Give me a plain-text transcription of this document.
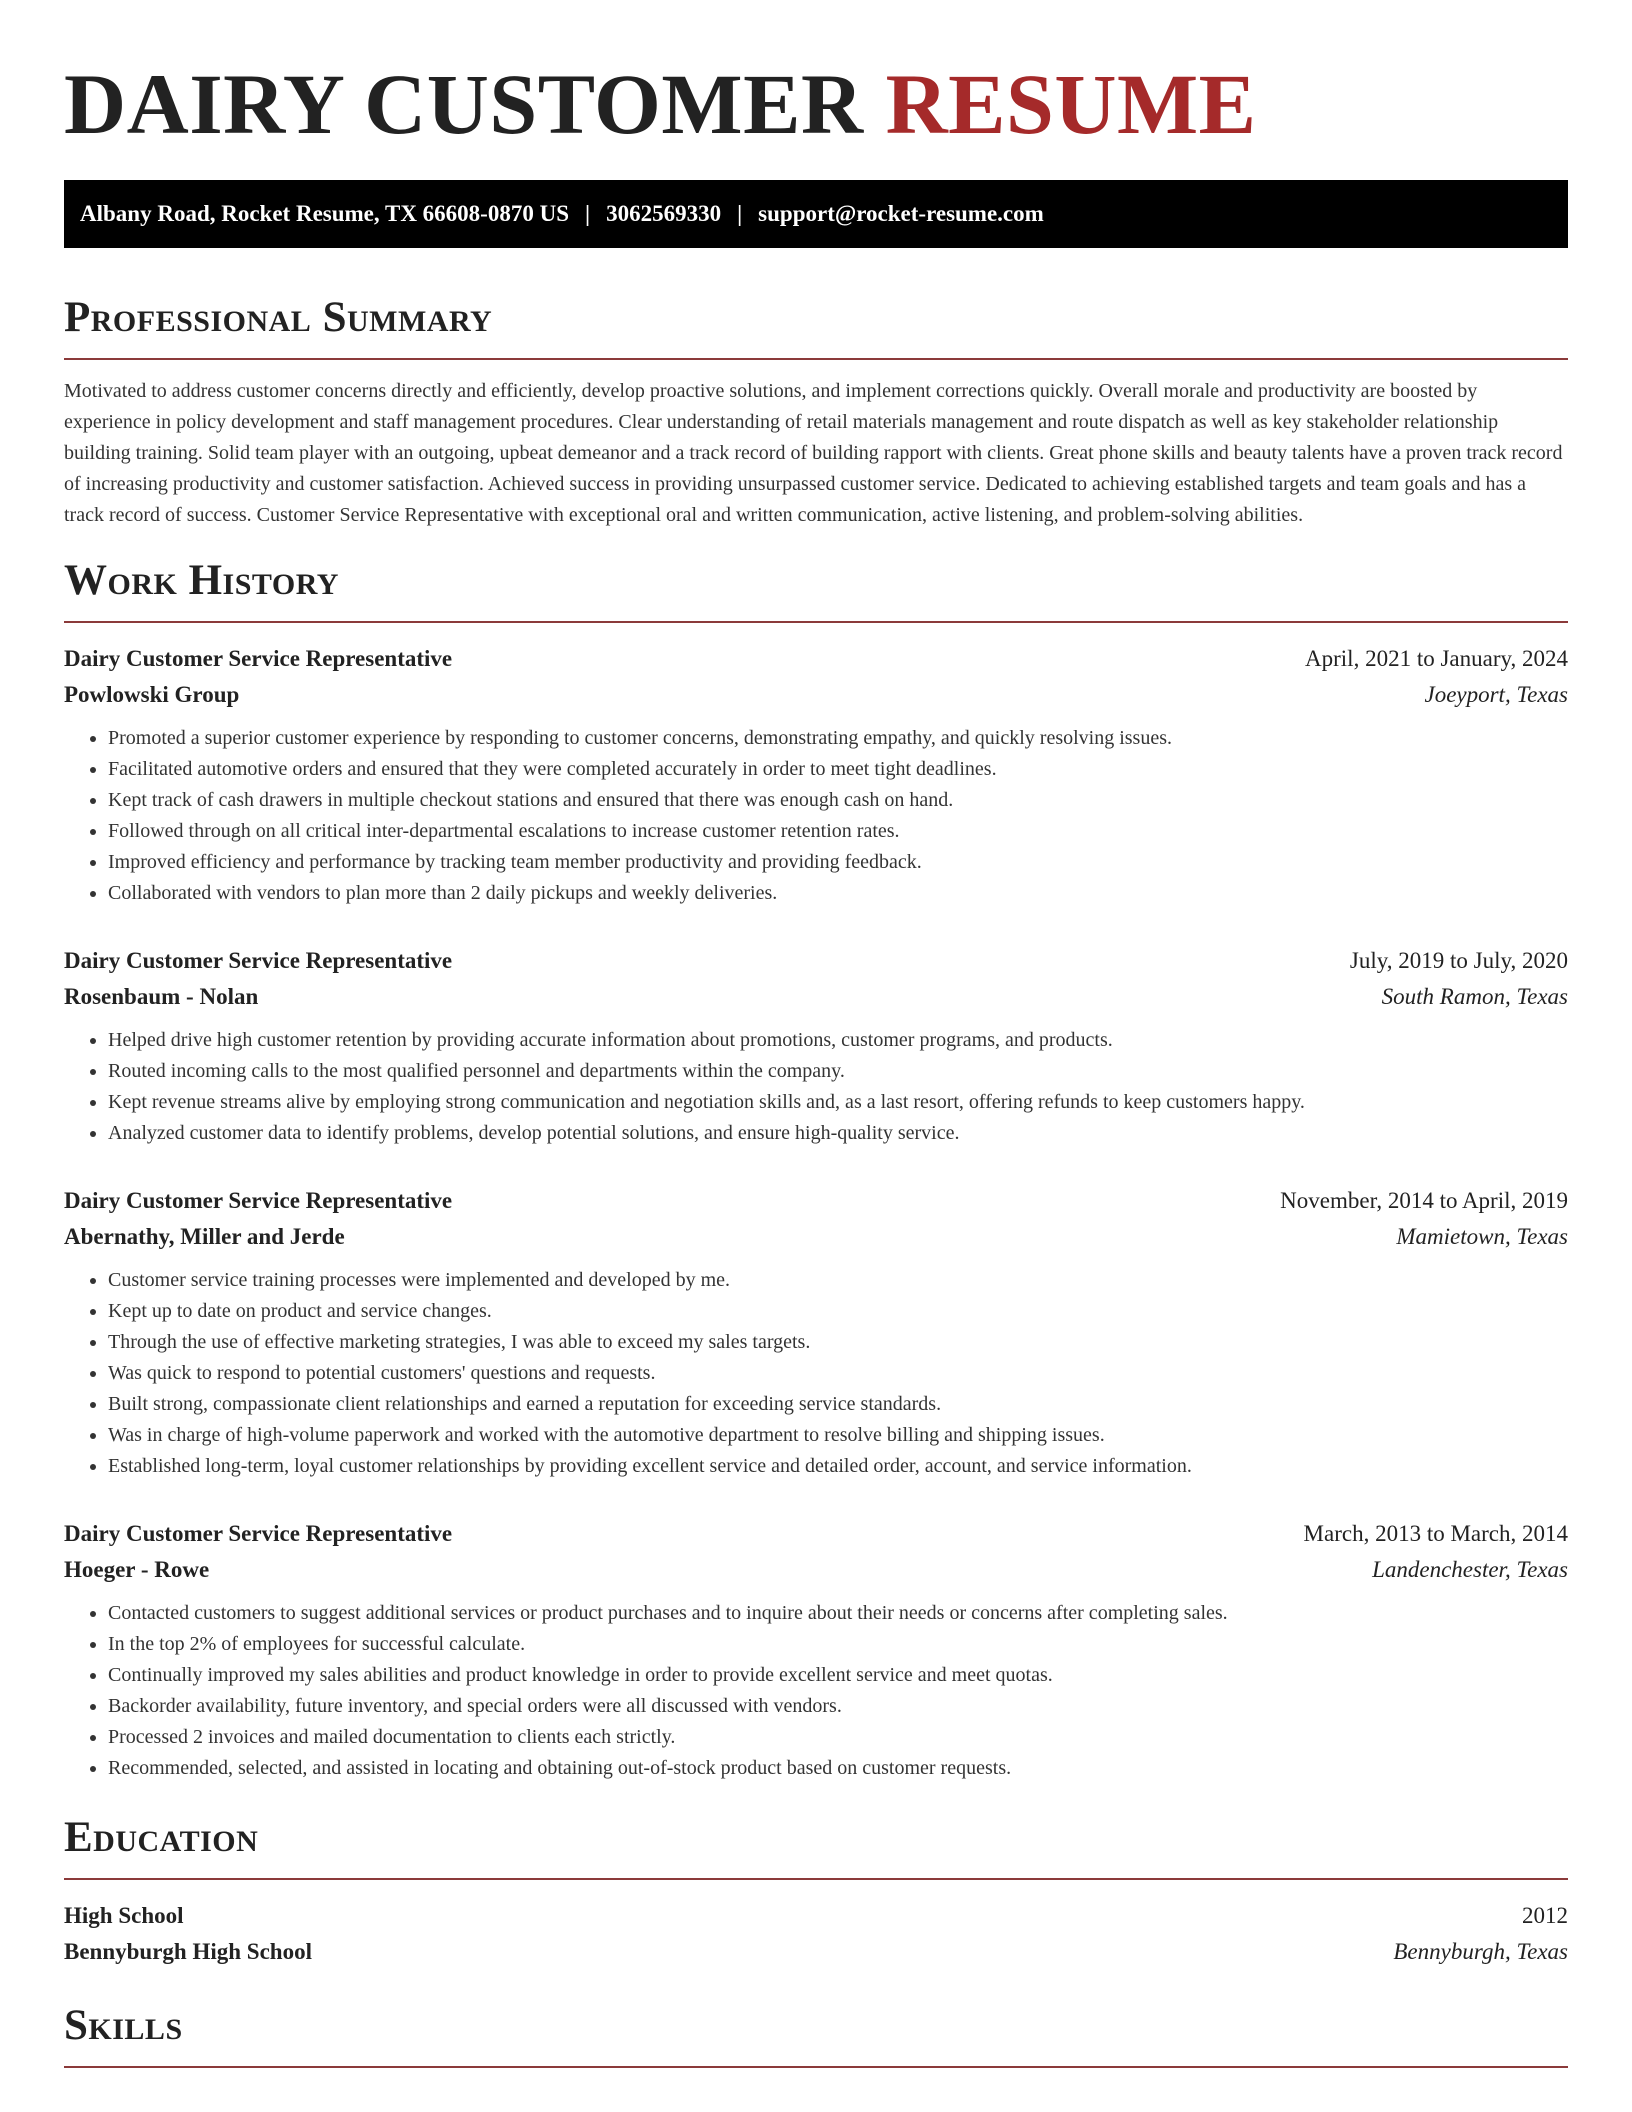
DAIRY CUSTOMER RESUME
Albany Road, Rocket Resume, TX 66608-0870 US | 3062569330 | support@rocket-resume.com
Professional Summary

Motivated to address customer concerns directly and efficiently, develop proactive solutions, and implement corrections quickly. Overall morale and productivity are boosted by experience in policy development and staff management procedures. Clear understanding of retail materials management and route dispatch as well as key stakeholder relationship building training. Solid team player with an outgoing, upbeat demeanor and a track record of building rapport with clients. Great phone skills and beauty talents have a proven track record of increasing productivity and customer satisfaction. Achieved success in providing unsurpassed customer service. Dedicated to achieving established targets and team goals and has a track record of success. Customer Service Representative with exceptional oral and written communication, active listening, and problem-solving abilities.

Work History
Dairy Customer Service Representative	April, 2021 to January, 2024
Powlowski Group	Joeyport, Texas
• Promoted a superior customer experience by responding to customer concerns, demonstrating empathy, and quickly resolving issues.
• Facilitated automotive orders and ensured that they were completed accurately in order to meet tight deadlines.
• Kept track of cash drawers in multiple checkout stations and ensured that there was enough cash on hand.
• Followed through on all critical inter-departmental escalations to increase customer retention rates.
• Improved efficiency and performance by tracking team member productivity and providing feedback.
• Collaborated with vendors to plan more than 2 daily pickups and weekly deliveries.
Dairy Customer Service Representative	July, 2019 to July, 2020
Rosenbaum - Nolan	South Ramon, Texas
• Helped drive high customer retention by providing accurate information about promotions, customer programs, and products.
• Routed incoming calls to the most qualified personnel and departments within the company.
• Kept revenue streams alive by employing strong communication and negotiation skills and, as a last resort, offering refunds to keep customers happy.
• Analyzed customer data to identify problems, develop potential solutions, and ensure high-quality service.
Dairy Customer Service Representative	November, 2014 to April, 2019
Abernathy, Miller and Jerde	Mamietown, Texas
• Customer service training processes were implemented and developed by me.
• Kept up to date on product and service changes.
• Through the use of effective marketing strategies, I was able to exceed my sales targets.
• Was quick to respond to potential customers' questions and requests.
• Built strong, compassionate client relationships and earned a reputation for exceeding service standards.
• Was in charge of high-volume paperwork and worked with the automotive department to resolve billing and shipping issues.
• Established long-term, loyal customer relationships by providing excellent service and detailed order, account, and service information.
Dairy Customer Service Representative	March, 2013 to March, 2014
Hoeger - Rowe	Landenchester, Texas
• Contacted customers to suggest additional services or product purchases and to inquire about their needs or concerns after completing sales.
• In the top 2% of employees for successful calculate.
• Continually improved my sales abilities and product knowledge in order to provide excellent service and meet quotas.
• Backorder availability, future inventory, and special orders were all discussed with vendors.
• Processed 2 invoices and mailed documentation to clients each strictly.
• Recommended, selected, and assisted in locating and obtaining out-of-stock product based on customer requests.
Education
High School	2012
Bennyburgh High School	Bennyburgh, Texas
Skills
